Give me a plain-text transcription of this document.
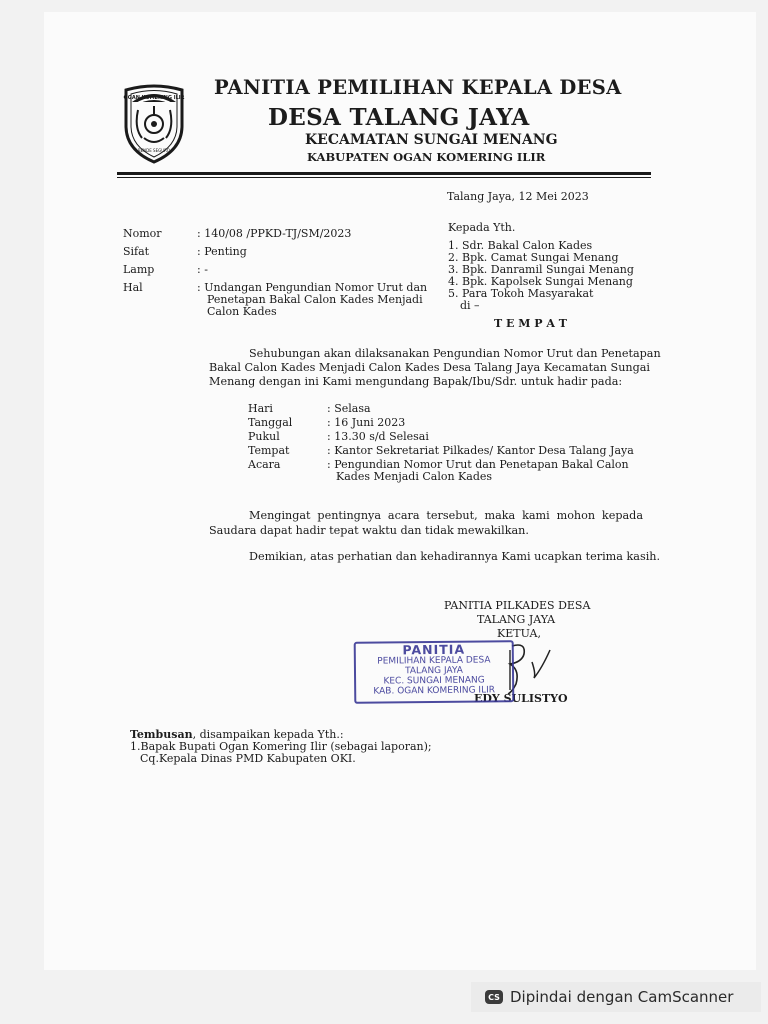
OGAN KOMERING ILIR
BENDE SEGURO
PANITIA PEMILIHAN KEPALA DESA
DESA TALANG JAYA
KECAMATAN SUNGAI MENANG
KABUPATEN OGAN KOMERING ILIR
Talang Jaya, 12 Mei 2023
Nomor	: 140/08 /PPKD-TJ/SM/2023
Sifat	: Penting
Lamp	: -
Hal	: Undangan Pengundian Nomor Urut dan
Penetapan Bakal Calon Kades Menjadi
Calon Kades
Kepada Yth.
1. Sdr. Bakal Calon Kades
2. Bpk. Camat Sungai Menang
3. Bpk. Danramil Sungai Menang
4. Bpk. Kapolsek Sungai Menang
5. Para Tokoh Masyarakat
di –
T E M P A T
Sehubungan akan dilaksanakan Pengundian Nomor Urut dan Penetapan
Bakal Calon Kades Menjadi Calon Kades Desa Talang Jaya Kecamatan Sungai
Menang dengan ini Kami mengundang Bapak/Ibu/Sdr. untuk hadir pada:
Hari	: Selasa
Tanggal	: 16 Juni 2023
Pukul	: 13.30 s/d Selesai
Tempat	: Kantor Sekretariat Pilkades/ Kantor Desa Talang Jaya
Acara	: Pengundian Nomor Urut dan Penetapan Bakal Calon
Kades Menjadi Calon Kades
Mengingat pentingnya acara tersebut, maka kami mohon kepada
Saudara dapat hadir tepat waktu dan tidak mewakilkan.
Demikian, atas perhatian dan kehadirannya Kami ucapkan terima kasih.
PANITIA PILKADES DESA
TALANG JAYA
KETUA,
EDY SULISTYO
PANITIA
PEMILIHAN KEPALA DESA
TALANG JAYA
KEC. SUNGAI MENANG
KAB. OGAN KOMERING ILIR
Tembusan, disampaikan kepada Yth.:
1.Bapak Bupati Ogan Komering Ilir (sebagai laporan);
Cq.Kepala Dinas PMD Kabupaten OKI.
CS Dipindai dengan CamScanner
